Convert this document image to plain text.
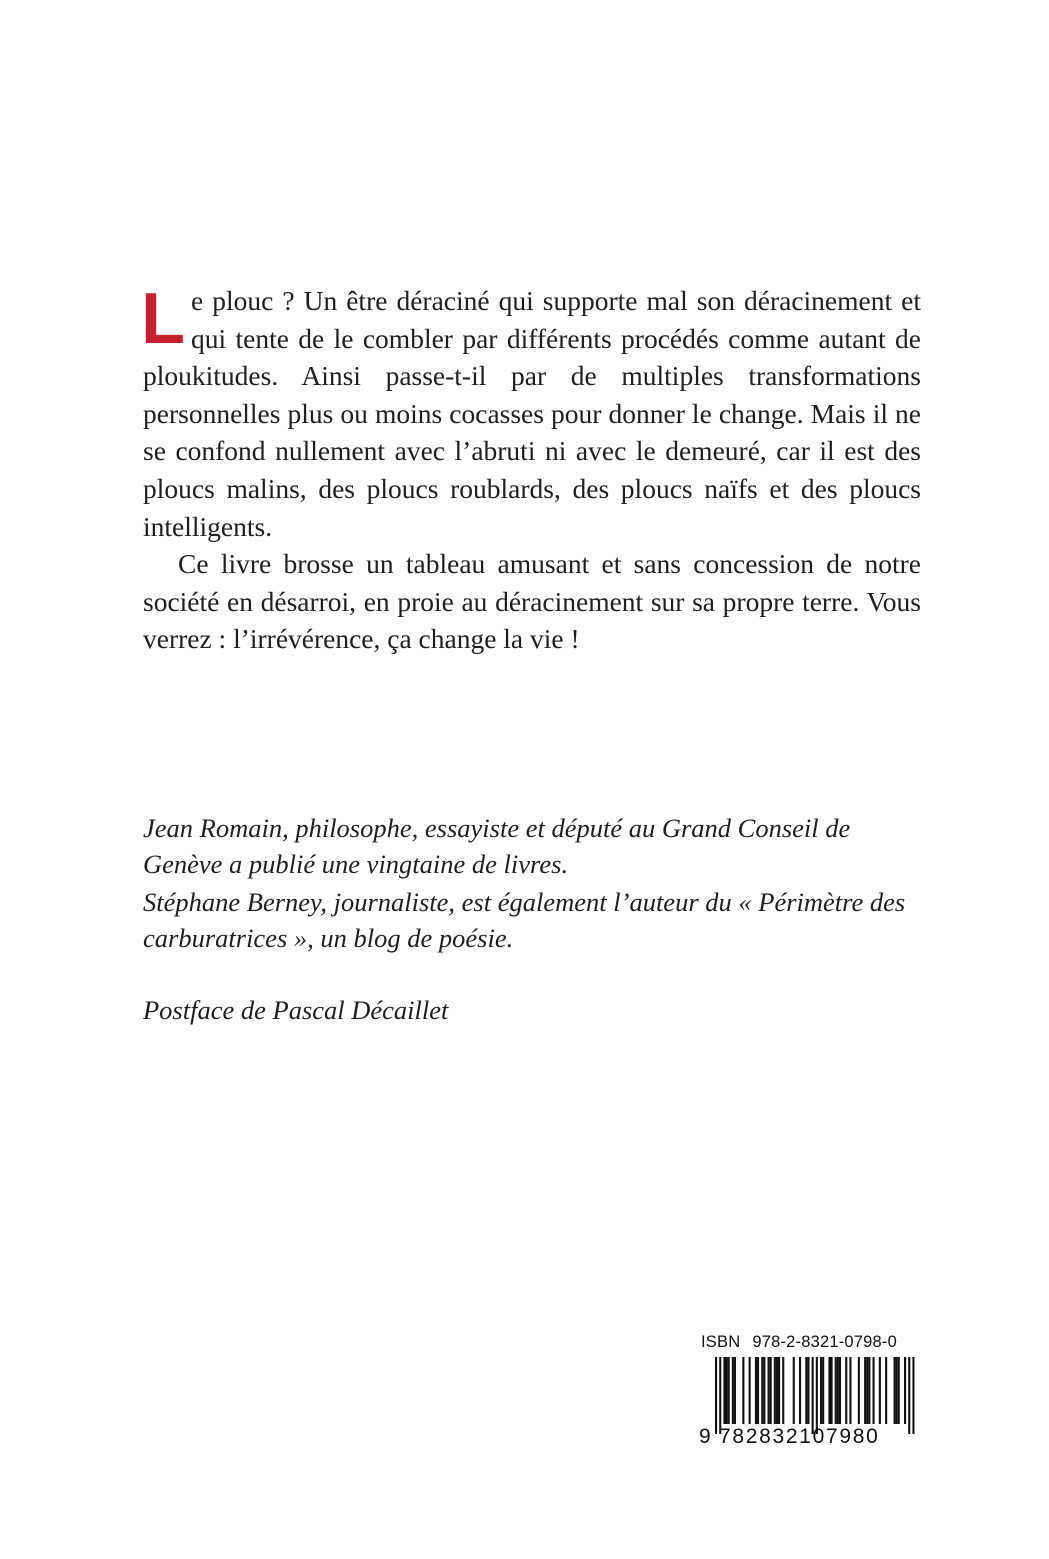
Le plouc ? Un être déraciné qui supporte mal son déracinement et qui tente de le combler par différents procédés comme autant de ploukitudes. Ainsi passe-t-il par de multiples transformations personnelles plus ou moins cocasses pour donner le change. Mais il ne se confond nullement avec l’abruti ni avec le demeuré, car il est des ploucs malins, des ploucs roublards, des ploucs naïfs et des ploucs intelligents.

Ce livre brosse un tableau amusant et sans concession de notre société en désarroi, en proie au déracinement sur sa propre terre. Vous verrez : l’irrévérence, ça change la vie !

Jean Romain, philosophe, essayiste et député au Grand Conseil de Genève a publié une vingtaine de livres.

Stéphane Berney, journaliste, est également l’auteur du « Périmètre des carburatrices », un blog de poésie.

Postface de Pascal Décaillet

ISBN 978-2-8321-0798-0
9 782832107980
